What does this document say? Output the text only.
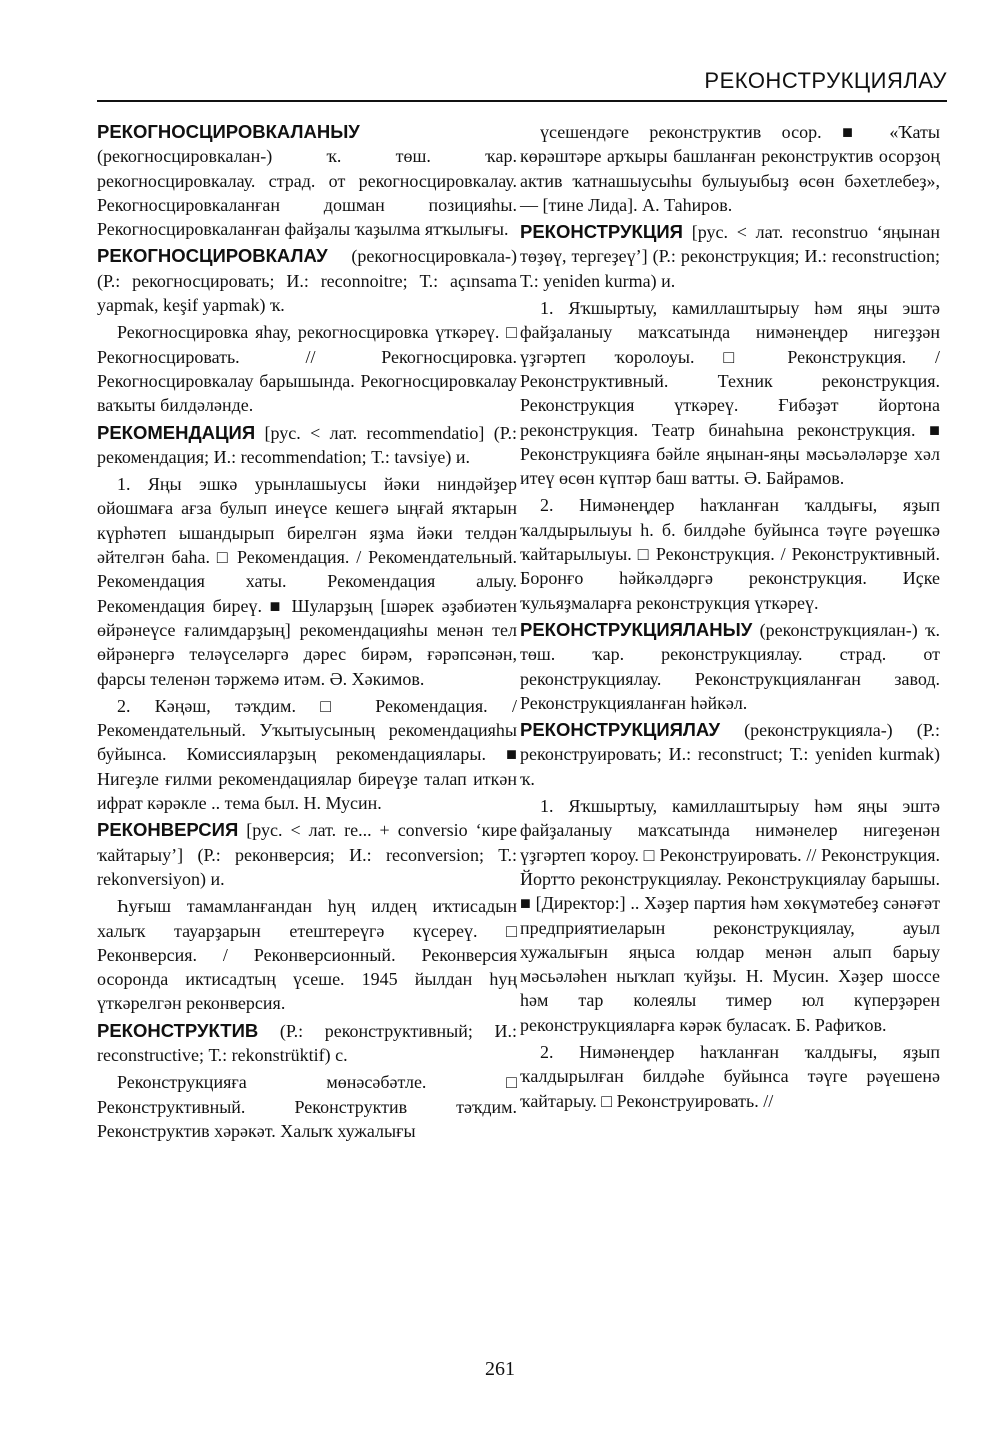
РЕКОНСТРУКЦИЯЛАУ

РЕКОГНОСЦИРОВКАЛАНЫУ (рекогносцировкалан-) ҡ. төш. ҡар. рекогносцировкалау. страд. от рекогносцировкалау. Рекогносцировкаланған дошман позицияһы. Рекогносцировкаланған файҙалы ҡаҙылма ятҡылығы.

РЕКОГНОСЦИРОВКАЛАУ (рекогносцировкала-) (Р.: рекогносцировать; И.: reconnoitre; Т.: açınsama yapmak, keşif yapmak) ҡ.

Рекогносцировка яһау, рекогносцировка үткәреү. □ Рекогносцировать. // Рекогносцировка. Рекогносцировкалау барышында. Рекогносцировкалау ваҡыты билдәләнде.

РЕКОМЕНДАЦИЯ [рус. < лат. recommendatio] (Р.: рекомендация; И.: recommendation; Т.: tavsiye) и.

1. Яңы эшкә урынлашыусы йәки ниндәйҙер ойошмаға ағза булып инеүсе кешегә ыңғай яҡтарын күрһәтеп ышандырып бирелгән яҙма йәки телдән әйтелгән баһа. □ Рекомендация. / Рекомендательный. Рекомендация хаты. Рекомендация алыу. Рекомендация биреү. ■ Шуларҙың [шәрек әҙәбиәтен өйрәнеүсе ғалимдарҙың] рекомендацияһы менән тел өйрәнергә теләүселәргә дәрес бирәм, ғәрәпсәнән, фарсы теленән тәржемә итәм. Ә. Хәкимов.

2. Кәңәш, тәҡдим. □ Рекомендация. / Рекомендательный. Уҡытыусының рекомендацияһы буйынса. Комиссияларҙың рекомендациялары. ■ Нигеҙле ғилми рекомендациялар биреүҙе талап иткән ифрат кәрәкле .. тема был. Н. Мусин.

РЕКОНВЕРСИЯ [рус. < лат. re... + conversio ‘кире ҡайтарыу’] (Р.: реконверсия; И.: reconversion; Т.: rekonversiyon) и.

Һуғыш тамамланғандан һуң илдең иҡтисадын халыҡ тауарҙарын етештереүгә күсереү. □ Реконверсия. / Реконверсионный. Реконверсия осоронда иктисадтың үсеше. 1945 йылдан һуң үткәрелгән реконверсия.

РЕКОНСТРУКТИВ (Р.: реконструктивный; И.: reconstructive; Т.: rekonstrüktif) с.

Реконструкцияға мөнәсәбәтле. □ Реконструктивный. Реконструктив тәҡдим. Реконструктив хәрәкәт. Халыҡ хужалығы

үсешендәге реконструктив осор. ■ «Ҡаты көрәштәре арҡыры башланған реконструктив осорҙоң актив ҡатнашыусыһы булыуыбыҙ өсөн бәхетлебеҙ», — [тине Лида]. А. Таһиров.

РЕКОНСТРУКЦИЯ [рус. < лат. reconstruo ‘яңынан төҙөү, тергеҙеү’] (Р.: реконструкция; И.: reconstruction; Т.: yeniden kurma) и.

1. Яҡшыртыу, камиллаштырыу һәм яңы эштә файҙаланыу маҡсатында нимәнеңдер нигеҙҙән үҙгәртеп ҡоролоуы. □ Реконструкция. / Реконструктивный. Техник реконструкция. Реконструкция үткәреү. Ғибәҙәт йортона реконструкция. Театр бинаһына реконструкция. ■ Реконструкцияға бәйле яңынан-яңы мәсьәләләрҙе хәл итеү өсөн күптәр баш ватты. Ә. Байрамов.

2. Нимәнеңдер һаҡланған ҡалдығы, яҙып ҡалдырылыуы һ. б. билдәһе буйынса тәүге рәүешкә ҡайтарылыуы. □ Реконструкция. / Реконструктивный. Боронғо һәйкәлдәргә реконструкция. Иҫке ҡульяҙмаларға реконструкция үткәреү.

РЕКОНСТРУКЦИЯЛАНЫУ (реконструкциялан-) ҡ. төш. ҡар. реконструкциялау. страд. от реконструкциялау. Реконструкцияланған завод. Реконструкцияланған һәйкәл.

РЕКОНСТРУКЦИЯЛАУ (реконструкцияла-) (Р.: реконструировать; И.: reconstruct; Т.: yeniden kurmak) ҡ.

1. Яҡшыртыу, камиллаштырыу һәм яңы эштә файҙаланыу маҡсатында нимәнелер нигеҙенән үҙгәртеп ҡороу. □ Реконструировать. // Реконструкция. Йортто реконструкциялау. Реконструкциялау барышы. ■ [Директор:] .. Хәҙер партия һәм хөкүмәтебеҙ сәнәғәт предприятиеларын реконструкциялау, ауыл хужалығын яңыса юлдар менән алып барыу мәсьәләһен ныҡлап ҡуйҙы. Н. Мусин. Хәҙер шоссе һәм тар колеялы тимер юл күперҙәрен реконструкцияларға кәрәк буласаҡ. Б. Рафиҡов.

2. Нимәнеңдер һаҡланған ҡалдығы, яҙып ҡалдырылған билдәһе буйынса тәүге рәүешенә ҡайтарыу. □ Реконструировать. //

261
